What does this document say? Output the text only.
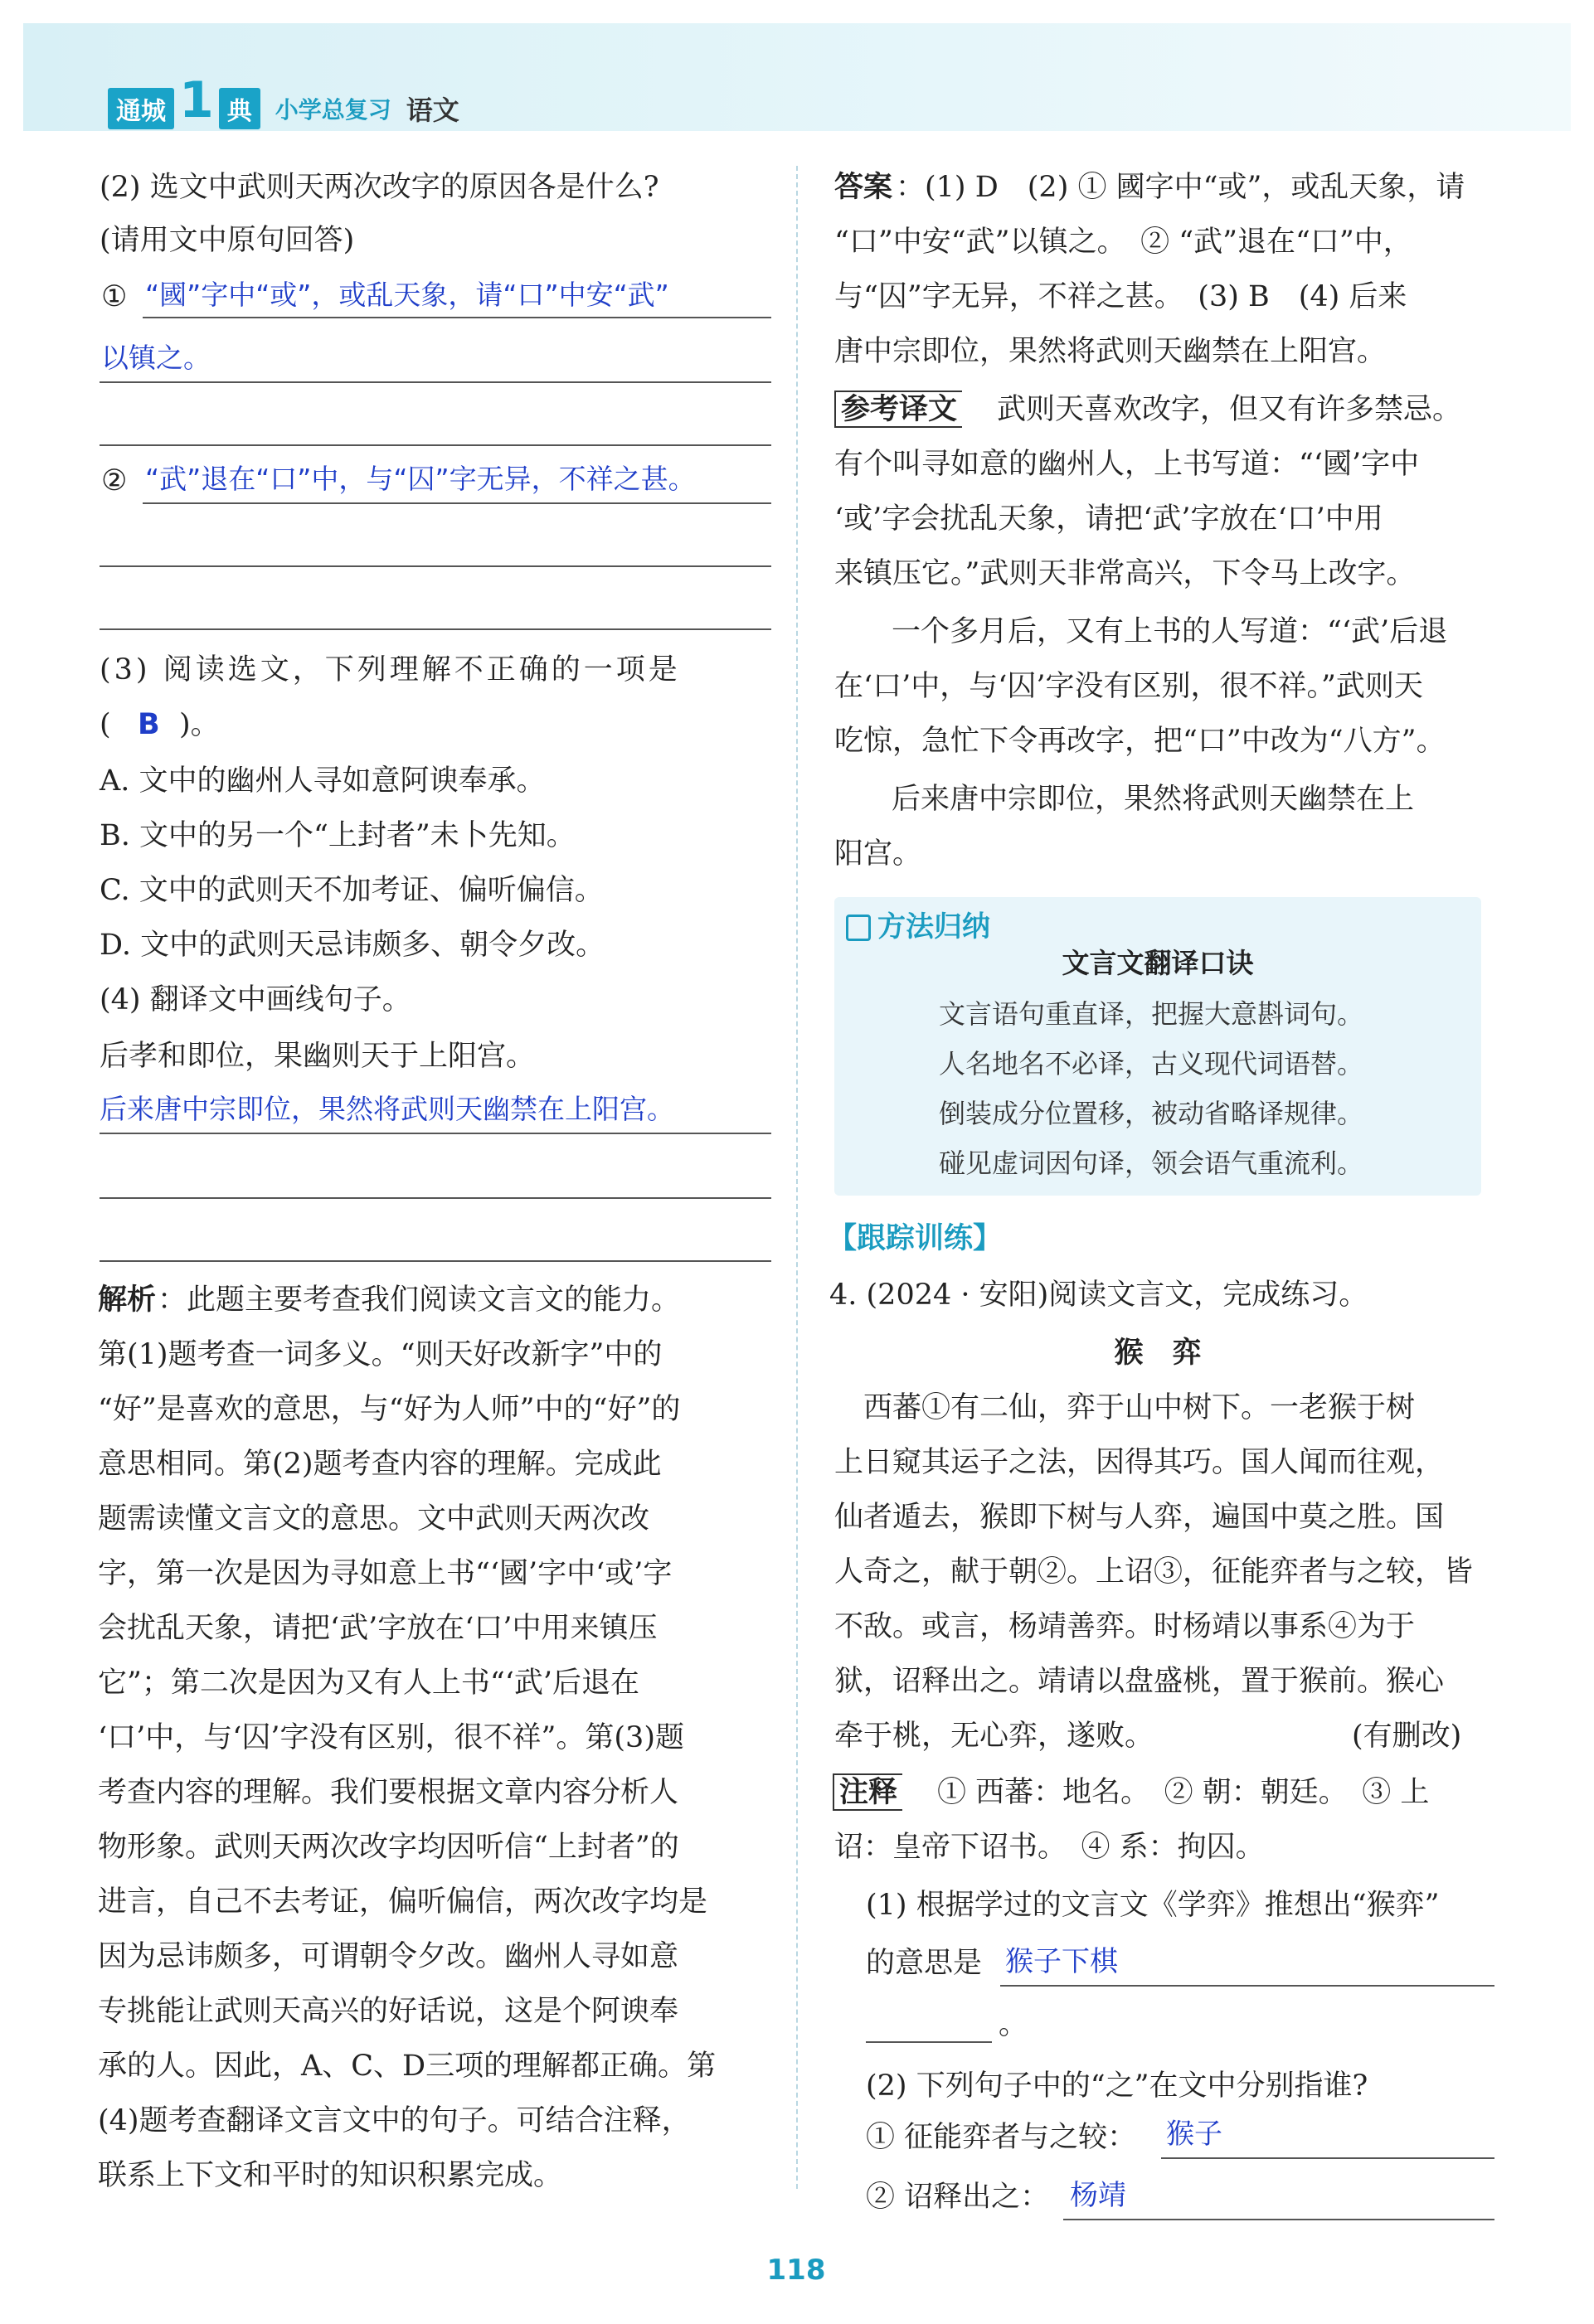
通城 1 典	小学总复习 语文
(2) 选文中武则天两次改字的原因各是什么?
(请用文中原句回答)
① “國”字中“或”，或乱天象，请“口”中安“武”
以镇之。
② “武”退在“口”中，与“囚”字无异，不祥之甚。
(3) 阅读选文，下列理解不正确的一项是
( B )。
A. 文中的幽州人寻如意阿谀奉承。
B. 文中的另一个“上封者”未卜先知。
C. 文中的武则天不加考证、偏听偏信。
D. 文中的武则天忌讳颇多、朝令夕改。
(4) 翻译文中画线句子。
后孝和即位，果幽则天于上阳宫。
后来唐中宗即位，果然将武则天幽禁在上阳宫。
解析 ：此题主要考查我们阅读文言文的能力。
第(1)题考查一词多义。“则天好改新字”中的
“好”是喜欢的意思，与“好为人师”中的“好”的
意思相同。第(2)题考查内容的理解。完成此
题需读懂文言文的意思。文中武则天两次改
字，第一次是因为寻如意上书“‘國’字中‘或’字
会扰乱天象，请把‘武’字放在‘口’中用来镇压
它”；第二次是因为又有人上书“‘武’后退在
‘口’中，与‘囚’字没有区别，很不祥”。第(3)题
考查内容的理解。我们要根据文章内容分析人
物形象。武则天两次改字均因听信“上封者”的
进言，自己不去考证，偏听偏信，两次改字均是
因为忌讳颇多，可谓朝令夕改。幽州人寻如意
专挑能让武则天高兴的好话说，这是个阿谀奉
承的人。因此，A、C、D三项的理解都正确。第
(4)题考查翻译文言文中的句子。可结合注释，
联系上下文和平时的知识积累完成。
答案 ：(1) D　(2) ① 國字中“或”，或乱天象，请
“口”中安“武”以镇之。　② “武”退在“口”中，
与“囚”字无异，不祥之甚。　(3) B　(4) 后来
唐中宗即位，果然将武则天幽禁在上阳宫。
参考译文 武则天喜欢改字，但又有许多禁忌。
有个叫寻如意的幽州人，上书写道：“‘國’字中
‘或’字会扰乱天象，请把‘武’字放在‘口’中用
来镇压它。”武则天非常高兴，下令马上改字。
　一个多月后，又有上书的人写道：“‘武’后退
在‘口’中，与‘囚’字没有区别，很不祥。”武则天
吃惊，急忙下令再改字，把“口”中改为“八方”。
　后来唐中宗即位，果然将武则天幽禁在上
阳宫。
方法归纳
文言文翻译口诀
文言语句重直译，把握大意斟词句。
人名地名不必译，古义现代词语替。
倒装成分位置移，被动省略译规律。
碰见虚词因句译，领会语气重流利。
【跟踪训练】
4. (2024 · 安阳)阅读文言文，完成练习。
猴　弈
　西蕃①有二仙，弈于山中树下。一老猴于树
上日窥其运子之法，因得其巧。国人闻而往观，
仙者遁去，猴即下树与人弈，遍国中莫之胜。国
人奇之，献于朝②。上诏③，征能弈者与之较，皆
不敌。或言，杨靖善弈。时杨靖以事系④为于
狱，诏释出之。靖请以盘盛桃，置于猴前。猴心
牵于桃，无心弈，遂败。	(有删改)
注释 ① 西蕃：地名。　② 朝：朝廷。　③ 上
诏：皇帝下诏书。　④ 系：拘囚。
(1) 根据学过的文言文《学弈》推想出“猴弈”
的意思是 猴子下棋
。
(2) 下列句子中的“之”在文中分别指谁?
① 征能弈者与之较： 猴子
② 诏释出之： 杨靖
118
